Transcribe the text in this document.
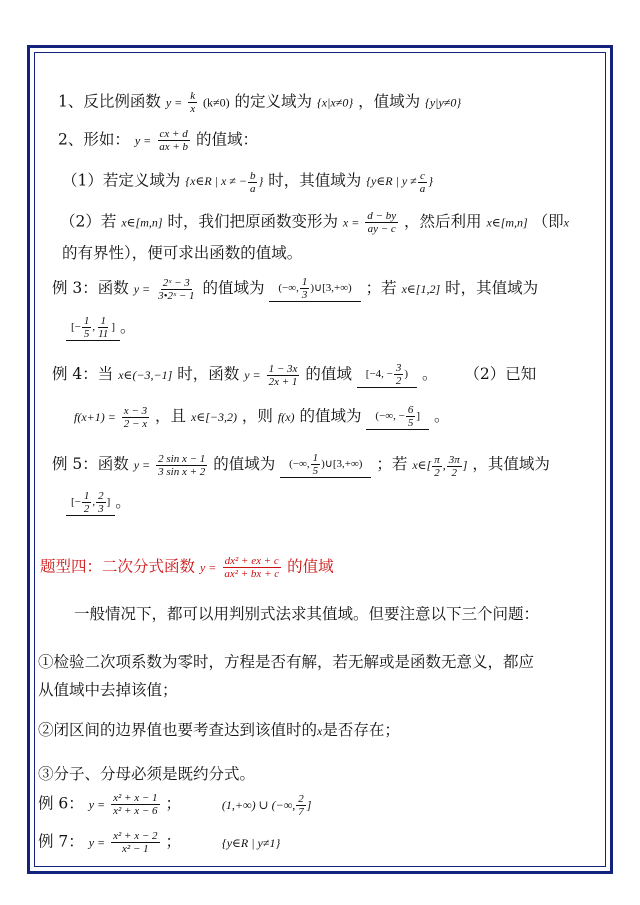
1、反比例函数 $y = \frac{k}{x} (k\ne 0)$ 的定义域为 {x|x≠0} ，值域为 {y|y≠0}
2、形如： $y = \frac{cx + d}{ax + b}$ 的值域：
（1）若定义域为 {x∈R | x ≠ − $\frac{b}{a}$ } 时，其值域为 {y∈R | $y \ne \frac{c}{a}$ }
（2）若 x∈[m,n] 时，我们把原函数变形为 $x = \frac{d - by}{ay - c}$ ，然后利用 x∈[m,n] （即x
的有界性），便可求出函数的值域。
例 3：函数 $y = \frac{\text{2ˣ − 3}}{\text{3•2ˣ − 1}}$ 的值域为 (−∞, $\frac{1}{3}$ )∪[3,+∞) ；若 x∈[1,2] 时，其值域为
[− $\frac{1}{5}$ , $\frac{1}{11}$ ] 。
例 4：当 x∈(−3,−1] 时，函数 $y = \frac{1 - 3x}{2x + 1}$ 的值域 [−4, − $\frac{3}{2}$ ) 。 （2）已知
$f(x+1) = \frac{x - 3}{2 - x}$ ，且 x∈[−3,2) ，则 f(x) 的值域为 (−∞, − $\frac{6}{5}$ ] 。
例 5：函数 $y = \frac{\text{2 sin x − 1}}{\text{3 sin x + 2}}$ 的值域为 (−∞, $\frac{1}{5}$ )∪[3,+∞) ；若 x∈[ $\frac{\pi}{2}$ , $\frac{3\pi}{2}$ ] ，其值域为
[− $\frac{1}{2}$ , $\frac{2}{3}$ ] 。
题型四：二次分式函数 $y = \frac{\text{dx² + ex + c}}{\text{ax² + bx + c}}$ 的值域
一般情况下，都可以用判别式法求其值域。但要注意以下三个问题：
①检验二次项系数为零时，方程是否有解，若无解或是函数无意义，都应
从值域中去掉该值；
②闭区间的边界值也要考查达到该值时的x是否存在；
③分子、分母必须是既约分式。
例 6： $y = \frac{\text{x² + x − 1}}{\text{x² + x − 6}}$ ；	(1,+∞) ∪ (−∞, $\frac{2}{7}$ ]
例 7： $y = \frac{\text{x² + x − 2}}{\text{x² − 1}}$ ；	{y∈R | y≠1}
